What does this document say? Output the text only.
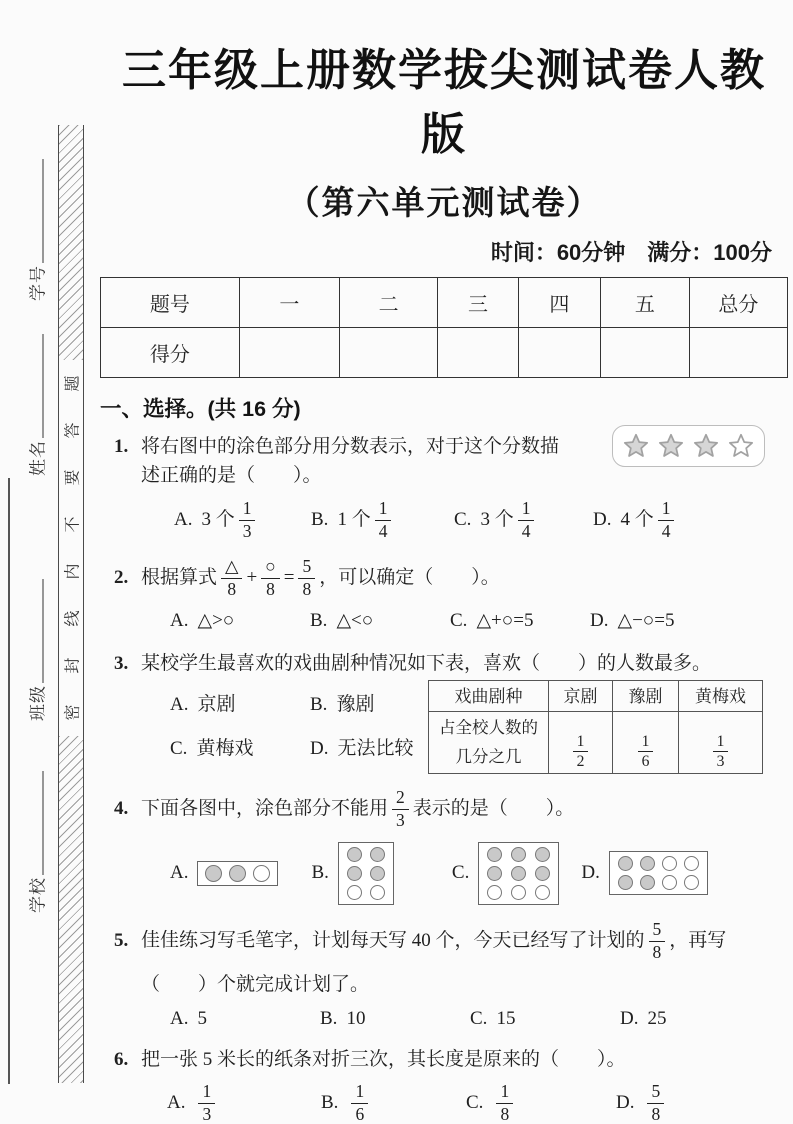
学号
姓名
班级
学校
题
答
要
不
内
线
封
密
三年级上册数学拔尖测试卷人教版
（第六单元测试卷）
时间：60分钟　满分：100分
题号	一	二	三	四	五	总分
得分						
一、选择。(共 16 分)
1. 将右图中的涂色部分用分数表示，对于这个分数描
述正确的是（　　）。
A. 3 个 $\frac{1}{3}$	B. 1 个 $\frac{1}{4}$	C. 3 个 $\frac{1}{4}$	D. 4 个 $\frac{1}{4}$
2. 根据算式 $\frac{\triangle}{8} + \frac{○}{8} = \frac{5}{8}$ ，可以确定（　　）。
A. △>○	B. △<○	C. △+○=5	D. △−○=5
3. 某校学生最喜欢的戏曲剧种情况如下表，喜欢（　　）的人数最多。
A. 京剧	B. 豫剧
C. 黄梅戏	D. 无法比较
戏曲剧种	京剧	豫剧	黄梅戏

占全校人数的
几分之几	$\frac{1}{2}$	$\frac{1}{6}$	$\frac{1}{3}$
4. 下面各图中，涂色部分不能用 $\frac{2}{3}$ 表示的是（　　）。
A.	B.	C.	D.
5. 佳佳练习写毛笔字，计划每天写 40 个，今天已经写了计划的 $\frac{5}{8}$ ，再写
（　　）个就完成计划了。
A. 5	B. 10	C. 15	D. 25
6. 把一张 5 米长的纸条对折三次，其长度是原来的（　　）。
A. $\frac{1}{3}$	B. $\frac{1}{6}$	C. $\frac{1}{8}$	D. $\frac{5}{8}$
